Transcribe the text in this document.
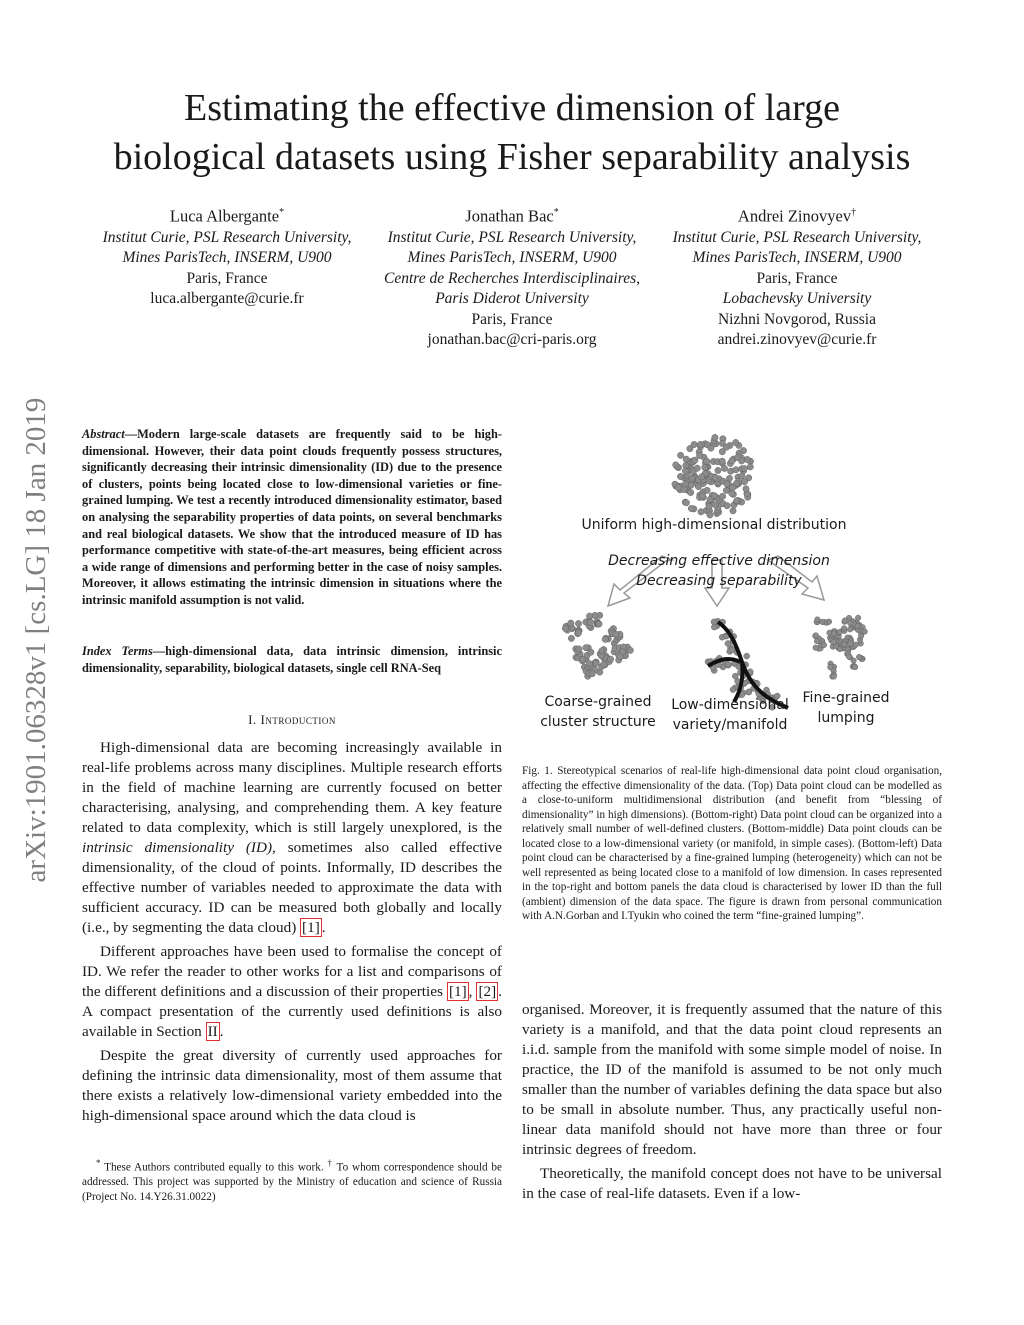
Estimating the effective dimension of large
biological datasets using Fisher separability analysis
Luca Albergante*
Institut Curie, PSL Research University,
Mines ParisTech, INSERM, U900
Paris, France
luca.albergante@curie.fr
Jonathan Bac*
Institut Curie, PSL Research University,
Mines ParisTech, INSERM, U900
Centre de Recherches Interdisciplinaires,
Paris Diderot University
Paris, France
jonathan.bac@cri-paris.org
Andrei Zinovyev†
Institut Curie, PSL Research University,
Mines ParisTech, INSERM, U900
Paris, France
Lobachevsky University
Nizhni Novgorod, Russia
andrei.zinovyev@curie.fr
arXiv:1901.06328v1 [cs.LG] 18 Jan 2019	Abstract—Modern large-scale datasets are frequently said to be high-dimensional. However, their data point clouds frequently possess structures, significantly decreasing their intrinsic dimensionality (ID) due to the presence of clusters, points being located close to low-dimensional varieties or fine-grained lumping. We test a recently introduced dimensionality estimator, based on analysing the separability properties of data points, on several benchmarks and real biological datasets. We show that the introduced measure of ID has performance competitive with state-of-the-art measures, being efficient across a wide range of dimensions and performing better in the case of noisy samples. Moreover, it allows estimating the intrinsic dimension in situations where the intrinsic manifold assumption is not valid.
Index Terms—high-dimensional data, data intrinsic dimension, intrinsic dimensionality, separability, biological datasets, single cell RNA-Seq
I. Introduction

High-dimensional data are becoming increasingly available in real-life problems across many disciplines. Multiple research efforts in the field of machine learning are currently focused on better characterising, analysing, and comprehending them. A key feature related to data complexity, which is still largely unexplored, is the intrinsic dimensionality (ID), sometimes also called effective dimensionality, of the cloud of points. Informally, ID describes the effective number of variables needed to approximate the data with sufficient accuracy. ID can be measured both globally and locally (i.e., by segmenting the data cloud) [1] .

Different approaches have been used to formalise the concept of ID. We refer the reader to other works for a list and comparisons of the different definitions and a discussion of their properties [1] , [2] . A compact presentation of the currently used definitions is also available in Section II .

Despite the great diversity of currently used approaches for defining the intrinsic data dimensionality, most of them assume that there exists a relatively low-dimensional variety embedded into the high-dimensional space around which the data cloud is

* These Authors contributed equally to this work. † To whom correspondence should be addressed. This project was supported by the Ministry of education and science of Russia (Project No. 14.Y26.31.0022)
Uniform high-dimensional distribution
Decreasing effective dimension
Decreasing separability
Coarse-grained
cluster structure
Low-dimensional
variety/manifold
Fine-grained
lumping
Fig. 1. Stereotypical scenarios of real-life high-dimensional data point cloud organisation, affecting the effective dimensionality of the data. (Top) Data point cloud can be modelled as a close-to-uniform multidimensional distribution (and benefit from “blessing of dimensionality” in high dimensions). (Bottom-right) Data point cloud can be organized into a relatively small number of well-defined clusters. (Bottom-middle) Data point clouds can be located close to a low-dimensional variety (or manifold, in simple cases). (Bottom-left) Data point cloud can be characterised by a fine-grained lumping (heterogeneity) which can not be well represented as being located close to a manifold of low dimension. In cases represented in the top-right and bottom panels the data cloud is characterised by lower ID than the full (ambient) dimension of the data space. The figure is drawn from personal communication with A.N.Gorban and I.Tyukin who coined the term “fine-grained lumping”.

organised. Moreover, it is frequently assumed that the nature of this variety is a manifold, and that the data point cloud represents an i.i.d. sample from the manifold with some simple model of noise. In practice, the ID of the manifold is assumed to be not only much smaller than the number of variables defining the data space but also to be small in absolute number. Thus, any practically useful non-linear data manifold should not have more than three or four intrinsic degrees of freedom.

Theoretically, the manifold concept does not have to be universal in the case of real-life datasets. Even if a low-
